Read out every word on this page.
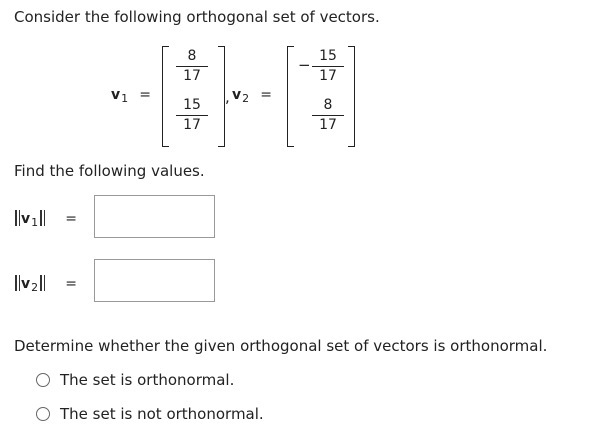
Consider the following orthogonal set of vectors.
$v_1$ =
8
17
15
17
, $v_2$ =
− 15
17
8
17
Find the following values.
$‖v_1$ ‖ =
$‖v_2$ ‖ =
Determine whether the given orthogonal set of vectors is orthonormal.
The set is orthonormal.
The set is not orthonormal.
